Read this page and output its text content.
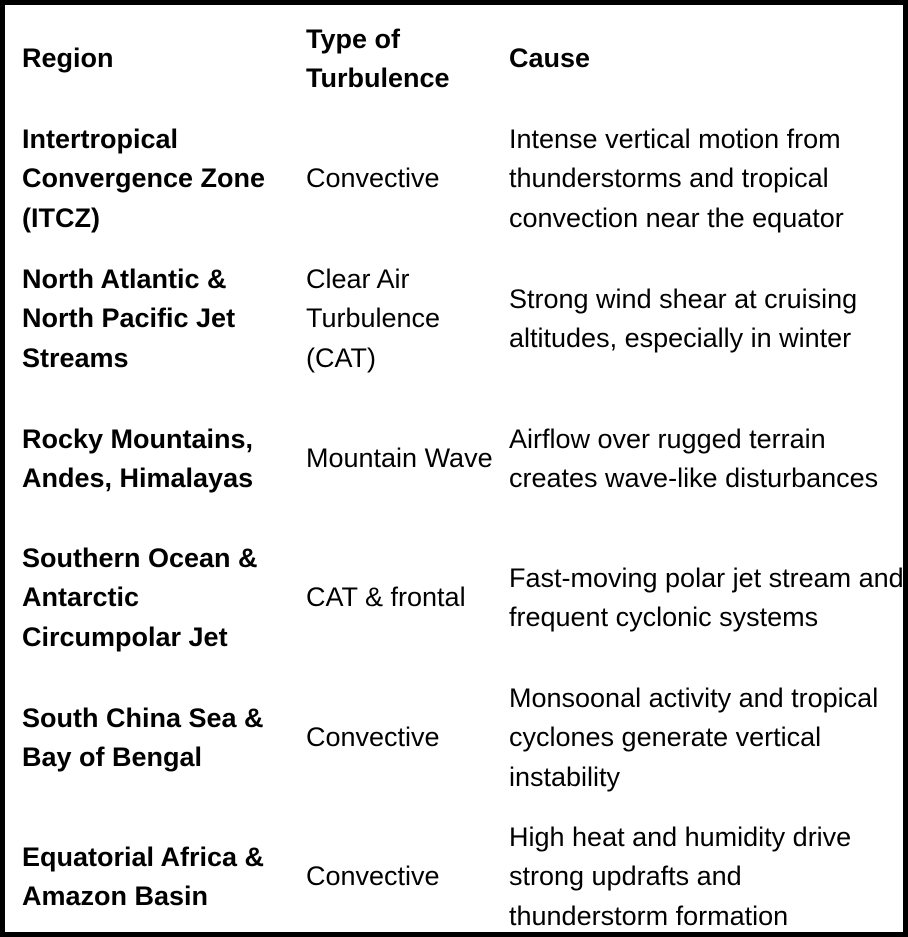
Region
Type of Turbulence
Cause
Intertropical Convergence Zone (ITCZ)
Convective
Intense vertical motion from thunderstorms and tropical convection near the equator
North Atlantic & North Pacific Jet Streams
Clear Air Turbulence (CAT)
Strong wind shear at cruising altitudes, especially in winter
Rocky Mountains, Andes, Himalayas
Mountain Wave
Airflow over rugged terrain creates wave-like disturbances
Southern Ocean & Antarctic Circumpolar Jet
CAT & frontal
Fast-moving polar jet stream and frequent cyclonic systems
South China Sea & Bay of Bengal
Convective
Monsoonal activity and tropical cyclones generate vertical instability
Equatorial Africa & Amazon Basin
Convective
High heat and humidity drive strong updrafts and thunderstorm formation
